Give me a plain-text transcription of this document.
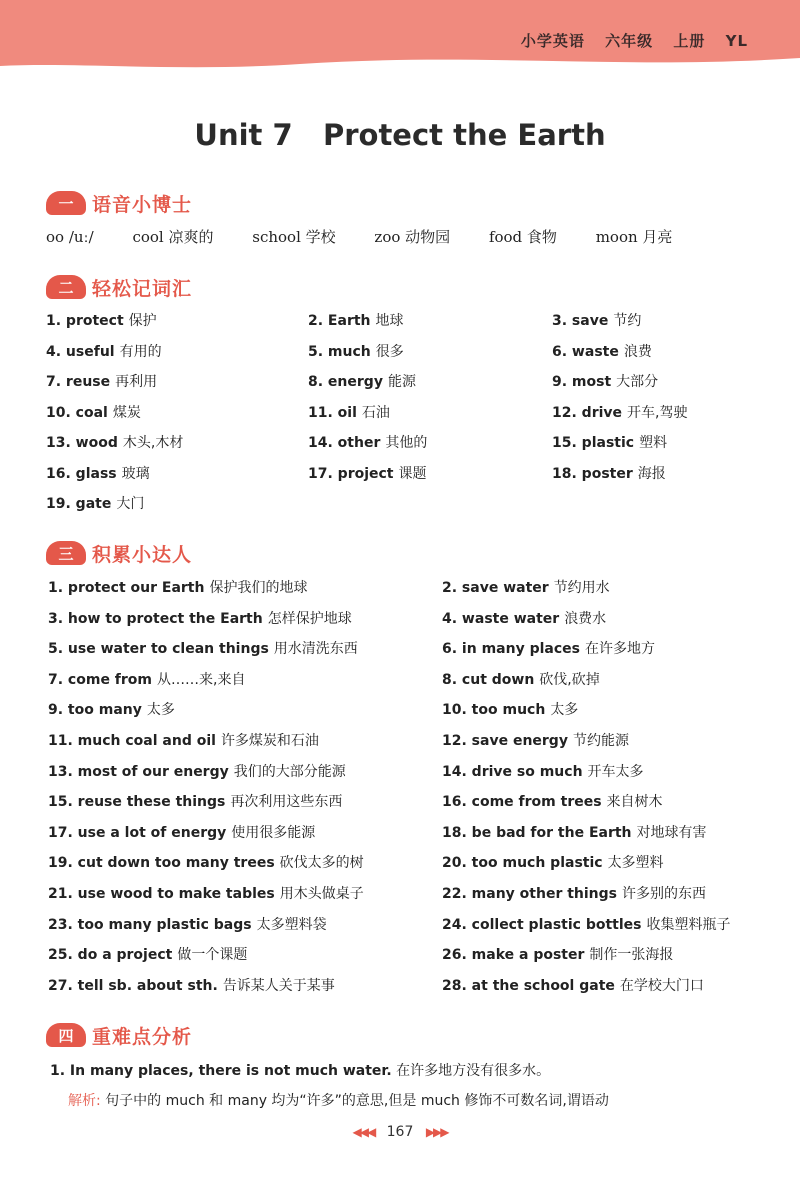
小学英语 六年级 上册 YL
Unit 7   Protect the Earth
一 语音小博士
oo /uː/	cool 凉爽的	school 学校	zoo 动物园	food 食物	moon 月亮
二 轻松记词汇
1. protect 保护	2. Earth 地球	3. save 节约
4. useful 有用的	5. much 很多	6. waste 浪费
7. reuse 再利用	8. energy 能源	9. most 大部分
10. coal 煤炭	11. oil 石油	12. drive 开车,驾驶
13. wood 木头,木材	14. other 其他的	15. plastic 塑料
16. glass 玻璃	17. project 课题	18. poster 海报
19. gate 大门
三 积累小达人
1. protect our Earth 保护我们的地球	2. save water 节约用水
3. how to protect the Earth 怎样保护地球	4. waste water 浪费水
5. use water to clean things 用水清洗东西	6. in many places 在许多地方
7. come from 从……来,来自	8. cut down 砍伐,砍掉
9. too many 太多	10. too much 太多
11. much coal and oil 许多煤炭和石油	12. save energy 节约能源
13. most of our energy 我们的大部分能源	14. drive so much 开车太多
15. reuse these things 再次利用这些东西	16. come from trees 来自树木
17. use a lot of energy 使用很多能源	18. be bad for the Earth 对地球有害
19. cut down too many trees 砍伐太多的树	20. too much plastic 太多塑料
21. use wood to make tables 用木头做桌子	22. many other things 许多别的东西
23. too many plastic bags 太多塑料袋	24. collect plastic bottles 收集塑料瓶子
25. do a project 做一个课题	26. make a poster 制作一张海报
27. tell sb. about sth. 告诉某人关于某事	28. at the school gate 在学校大门口
四 重难点分析
1. In many places, there is not much water. 在许多地方没有很多水。
解析: 句子中的 much 和 many 均为“许多”的意思,但是 much 修饰不可数名词,谓语动
◀◀◀ 167 ▶▶▶
